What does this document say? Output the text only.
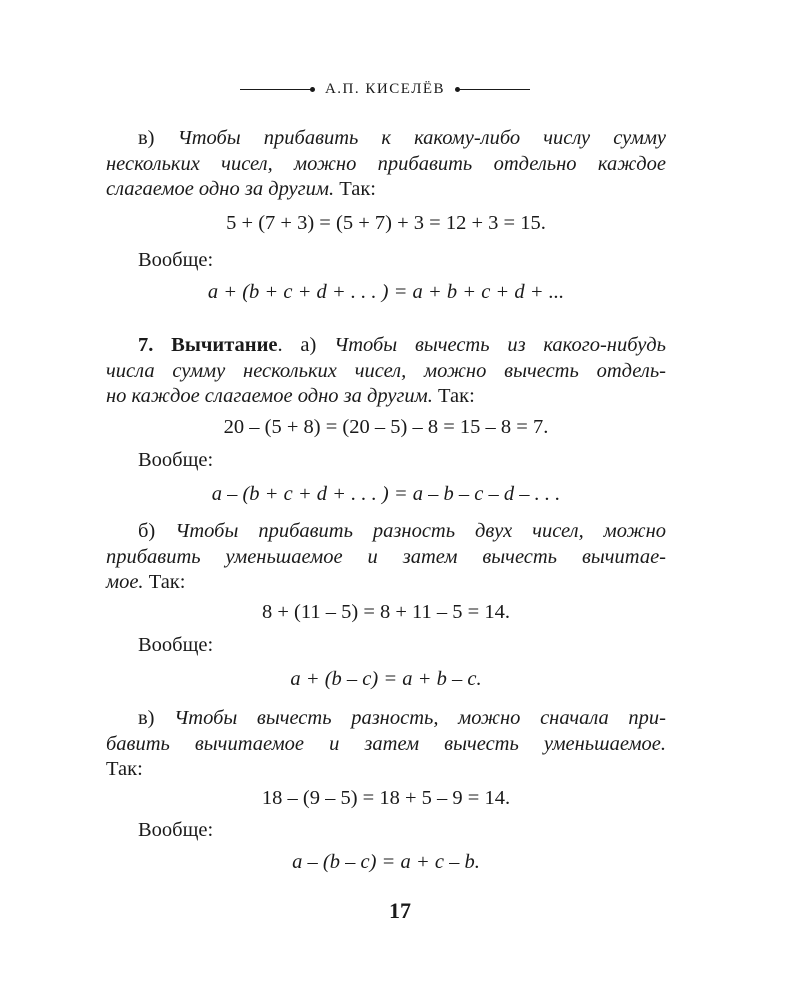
А.П. КИСЕЛЁВ
в) Чтобы прибавить к какому-либо числу сумму
нескольких чисел, можно прибавить отдельно каждое
слагаемое одно за другим. Так:
5 + (7 + 3) = (5 + 7) + 3 = 12 + 3 = 15.
Вообще:
a + (b + c + d + . . . ) = a + b + c + d + ...
7. Вычитание. а) Чтобы вычесть из какого-нибудь
числа сумму нескольких чисел, можно вычесть отдель-
но каждое слагаемое одно за другим. Так:
20 – (5 + 8) = (20 – 5) – 8 = 15 – 8 = 7.
Вообще:
a – (b + c + d + . . . ) = a – b – c – d – . . .
б) Чтобы прибавить разность двух чисел, можно
прибавить уменьшаемое и затем вычесть вычитае-
мое. Так:
8 + (11 – 5) = 8 + 11 – 5 = 14.
Вообще:
a + (b – c) = a + b – c.
в) Чтобы вычесть разность, можно сначала при-
бавить вычитаемое и затем вычесть уменьшаемое.
Так:
18 – (9 – 5) = 18 + 5 – 9 = 14.
Вообще:
a – (b – c) = a + c – b.
17
